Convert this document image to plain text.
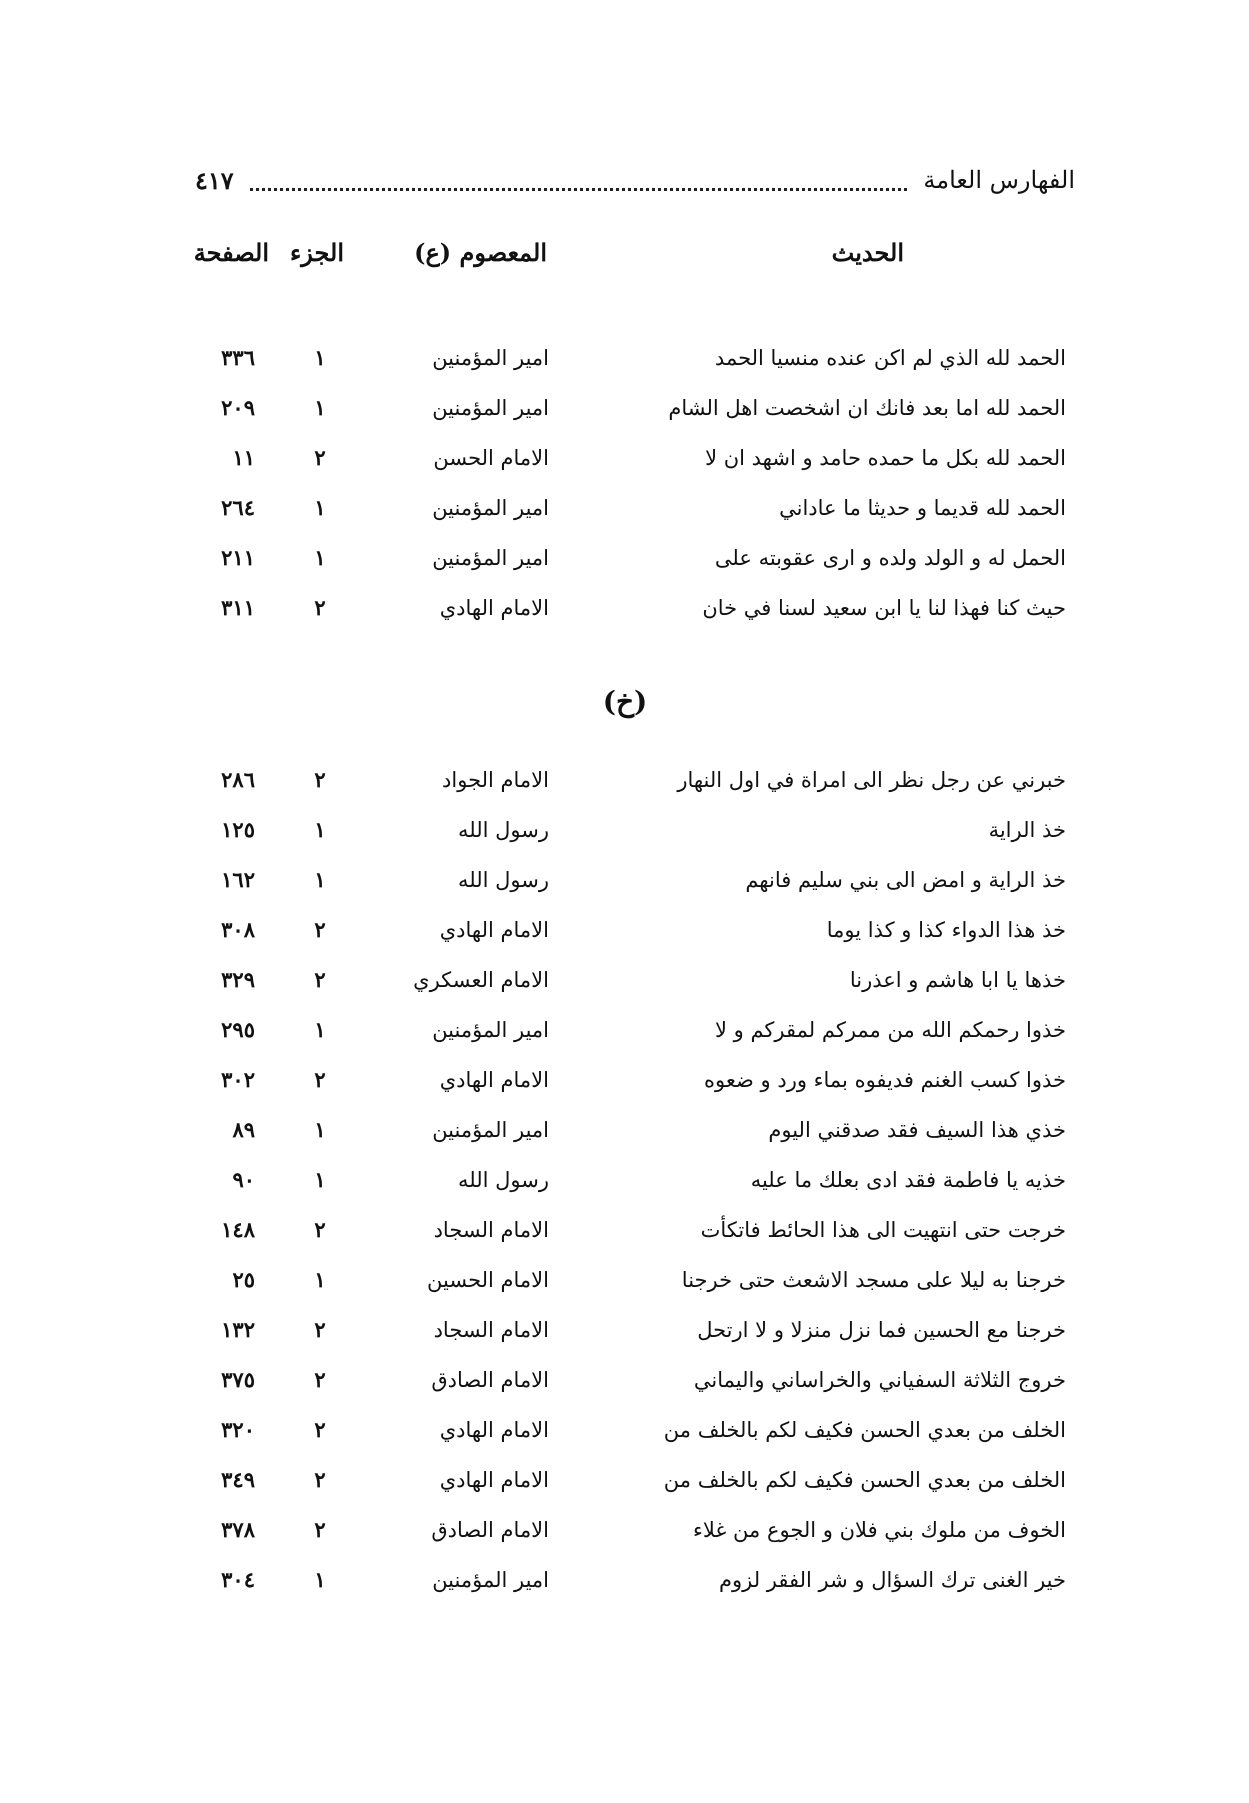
الفهارس العامة
٤١٧
الحديث
المعصوم (ع)
الجزء
الصفحة
الحمد لله الذي لم اكن عنده منسيا الحمد
امير المؤمنين
١
٣٣٦
الحمد لله اما بعد فانك ان اشخصت اهل الشام
امير المؤمنين
١
٢٠٩
الحمد لله بكل ما حمده حامد و اشهد ان لا
الامام الحسن
٢
١١
الحمد لله قديما و حديثا ما عاداني
امير المؤمنين
١
٢٦٤
الحمل له و الولد ولده و ارى عقوبته على
امير المؤمنين
١
٢١١
حيث كنا فهذا لنا يا ابن سعيد لسنا في خان
الامام الهادي
٢
٣١١
(خ)
خبرني عن رجل نظر الى امراة في اول النهار
الامام الجواد
٢
٢٨٦
خذ الراية
رسول الله
١
١٢٥
خذ الراية و امض الى بني سليم فانهم
رسول الله
١
١٦٢
خذ هذا الدواء كذا و كذا يوما
الامام الهادي
٢
٣٠٨
خذها يا ابا هاشم و اعذرنا
الامام العسكري
٢
٣٢٩
خذوا رحمكم الله من ممركم لمقركم و لا
امير المؤمنين
١
٢٩٥
خذوا كسب الغنم فديفوه بماء ورد و ضعوه
الامام الهادي
٢
٣٠٢
خذي هذا السيف فقد صدقني اليوم
امير المؤمنين
١
٨٩
خذيه يا فاطمة فقد ادى بعلك ما عليه
رسول الله
١
٩٠
خرجت حتى انتهيت الى هذا الحائط فاتكأت
الامام السجاد
٢
١٤٨
خرجنا به ليلا على مسجد الاشعث حتى خرجنا
الامام الحسين
١
٢٥
خرجنا مع الحسين فما نزل منزلا و لا ارتحل
الامام السجاد
٢
١٣٢
خروج الثلاثة السفياني والخراساني واليماني
الامام الصادق
٢
٣٧٥
الخلف من بعدي الحسن فكيف لكم بالخلف من
الامام الهادي
٢
٣٢٠
الخلف من بعدي الحسن فكيف لكم بالخلف من
الامام الهادي
٢
٣٤٩
الخوف من ملوك بني فلان و الجوع من غلاء
الامام الصادق
٢
٣٧٨
خير الغنى ترك السؤال و شر الفقر لزوم
امير المؤمنين
١
٣٠٤
